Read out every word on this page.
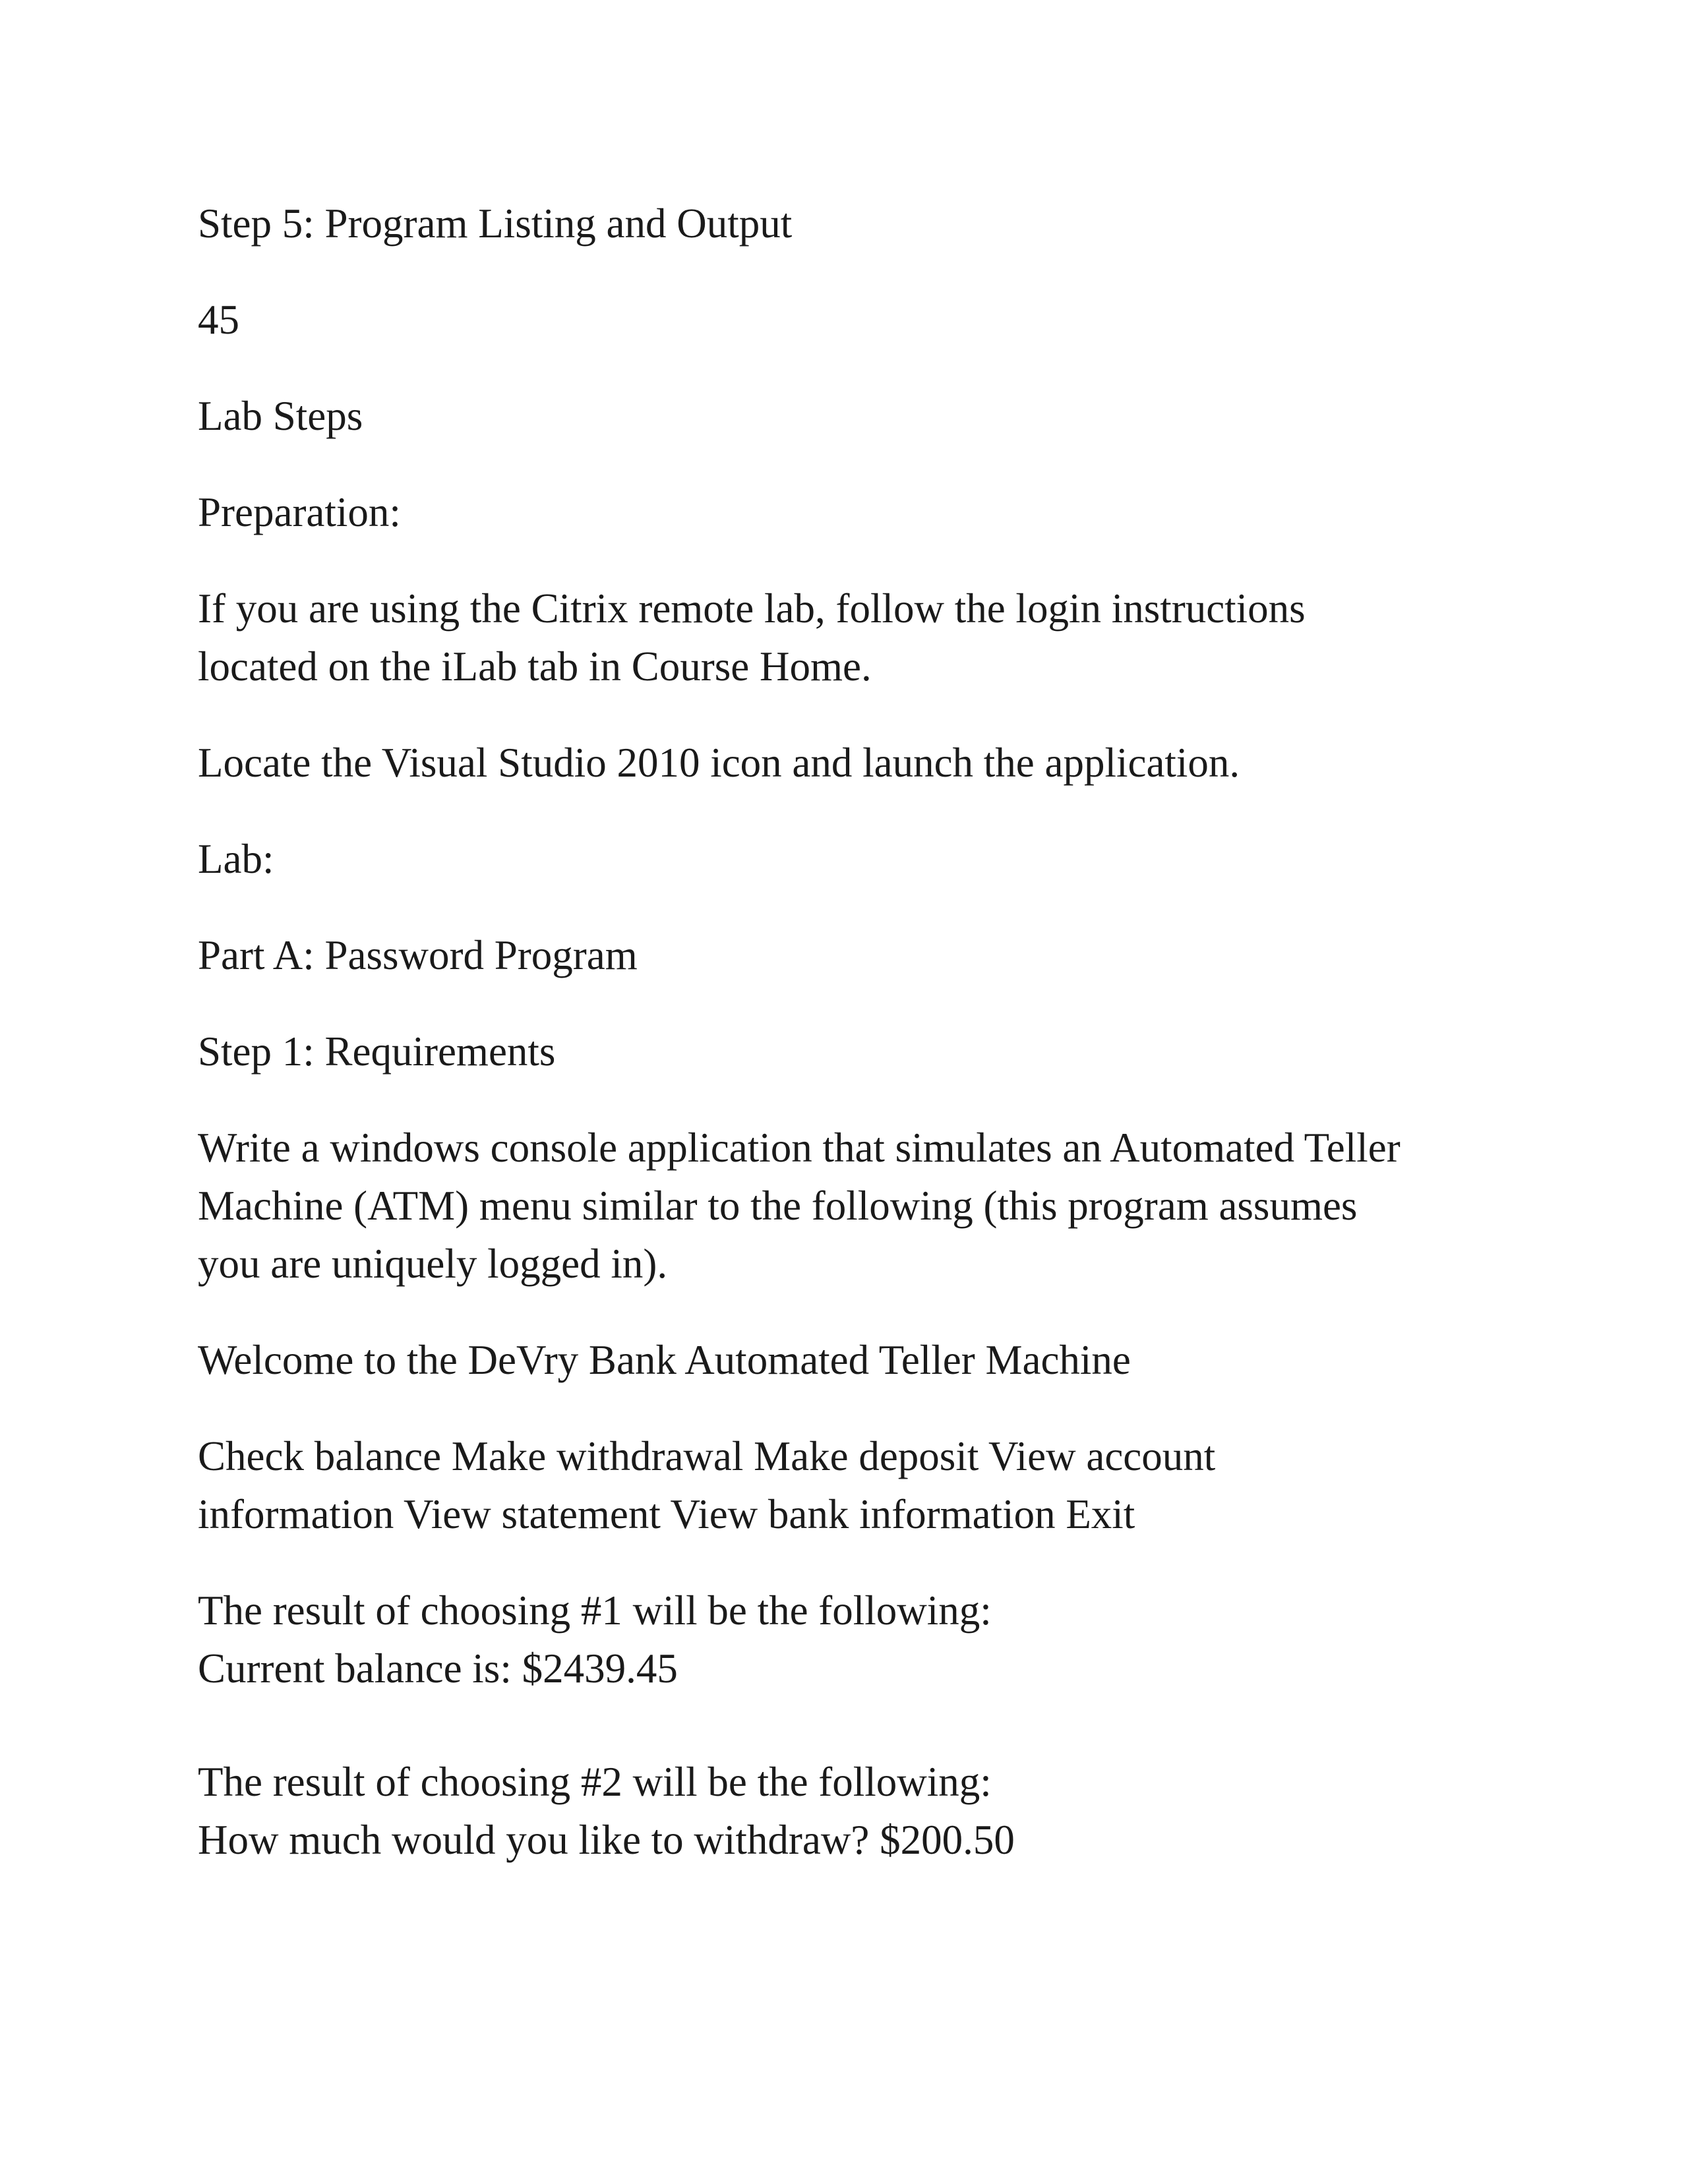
Step 5: Program Listing and Output

45

Lab Steps

Preparation:

If you are using the Citrix remote lab, follow the login instructions
located on the iLab tab in Course Home.

Locate the Visual Studio 2010 icon and launch the application.

Lab:

Part A: Password Program

Step 1: Requirements

Write a windows console application that simulates an Automated Teller
Machine (ATM) menu similar to the following (this program assumes
you are uniquely logged in).

Welcome to the DeVry Bank Automated Teller Machine

Check balance Make withdrawal Make deposit View account
information View statement View bank information Exit

The result of choosing #1 will be the following:
Current balance is: $2439.45

The result of choosing #2 will be the following:
How much would you like to withdraw? $200.50
